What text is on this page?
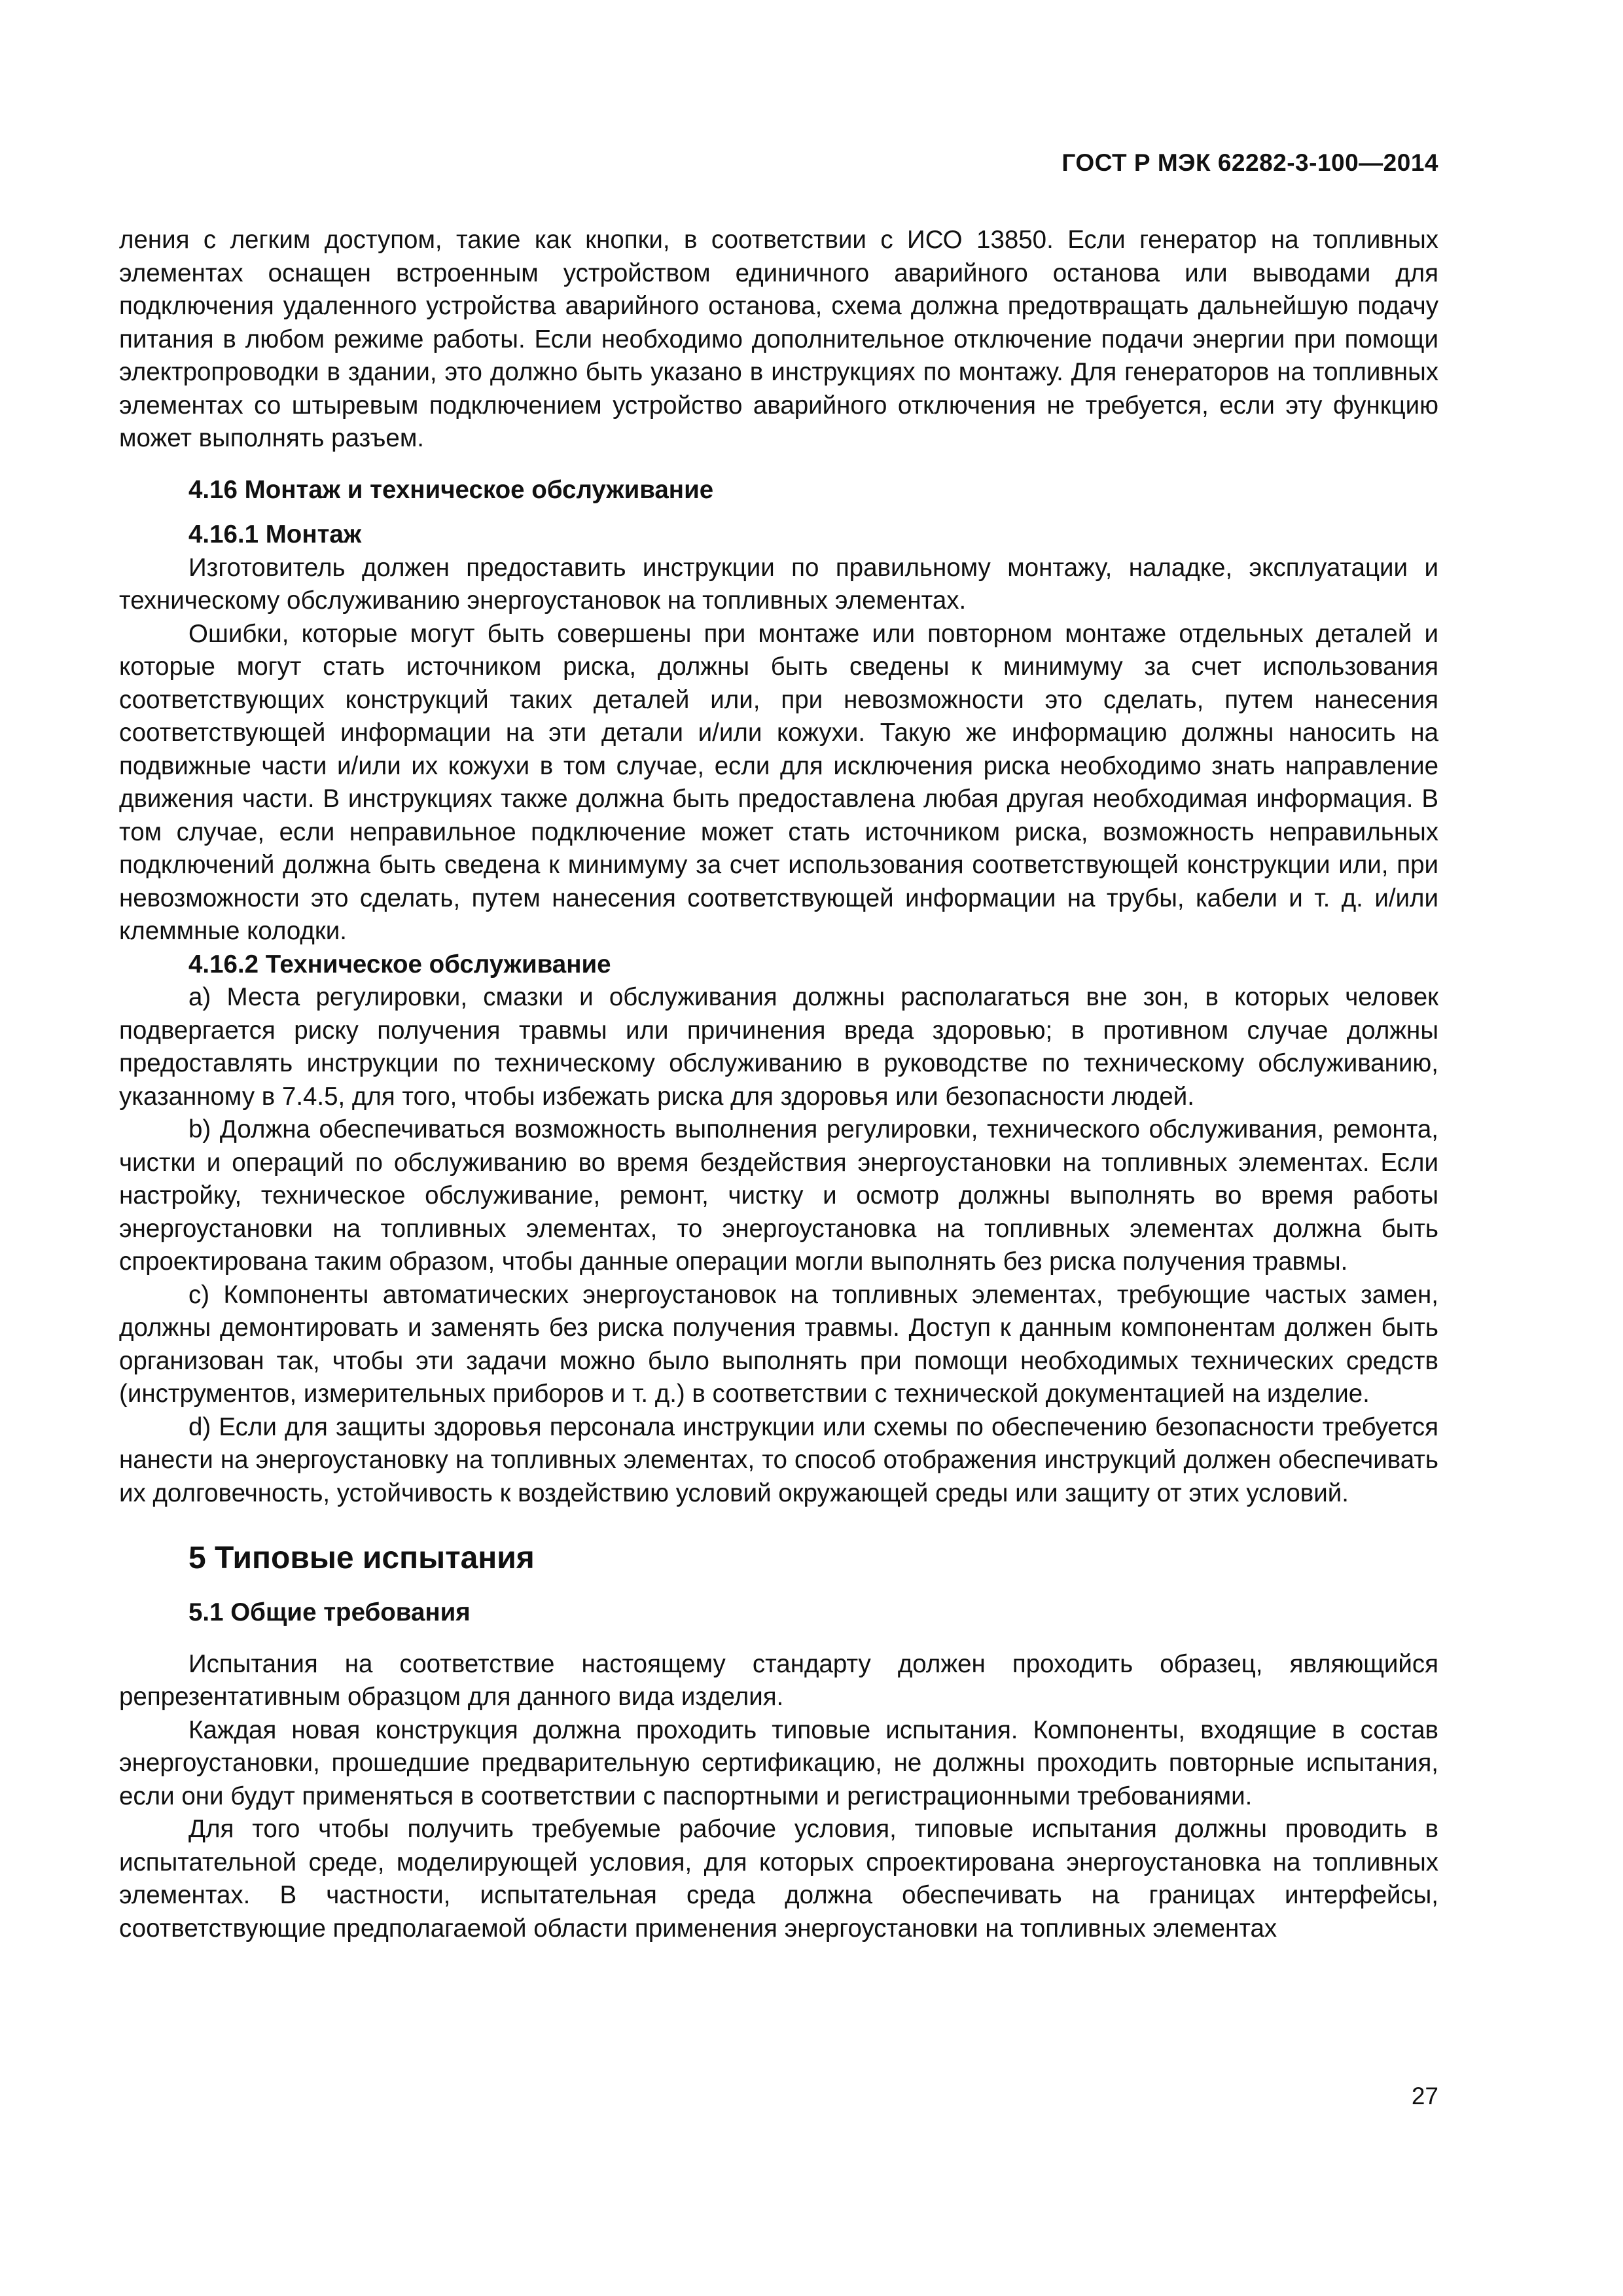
ГОСТ Р МЭК 62282-3-100—2014

ления с легким доступом, такие как кнопки, в соответствии с ИСО 13850. Если генератор на топливных элементах оснащен встроенным устройством единичного аварийного останова или выводами для подключения удаленного устройства аварийного останова, схема должна предотвращать дальнейшую подачу питания в любом режиме работы. Если необходимо дополнительное отключение подачи энергии при помощи электропроводки в здании, это должно быть указано в инструкциях по монтажу. Для генераторов на топливных элементах со штыревым подключением устройство аварийного отключения не требуется, если эту функцию может выполнять разъем.

4.16 Монтаж и техническое обслуживание
4.16.1 Монтаж

Изготовитель должен предоставить инструкции по правильному монтажу, наладке, эксплуатации и техническому обслуживанию энергоустановок на топливных элементах.

Ошибки, которые могут быть совершены при монтаже или повторном монтаже отдельных деталей и которые могут стать источником риска, должны быть сведены к минимуму за счет использования соответствующих конструкций таких деталей или, при невозможности это сделать, путем нанесения соответствующей информации на эти детали и/или кожухи. Такую же информацию должны наносить на подвижные части и/или их кожухи в том случае, если для исключения риска необходимо знать направление движения части. В инструкциях также должна быть предоставлена любая другая необходимая информация. В том случае, если неправильное подключение может стать источником риска, возможность неправильных подключений должна быть сведена к минимуму за счет использования соответствующей конструкции или, при невозможности это сделать, путем нанесения соответствующей информации на трубы, кабели и т. д. и/или клеммные колодки.

4.16.2 Техническое обслуживание

а) Места регулировки, смазки и обслуживания должны располагаться вне зон, в которых человек подвергается риску получения травмы или причинения вреда здоровью; в противном случае должны предоставлять инструкции по техническому обслуживанию в руководстве по техническому обслуживанию, указанному в 7.4.5, для того, чтобы избежать риска для здоровья или безопасности людей.

b) Должна обеспечиваться возможность выполнения регулировки, технического обслуживания, ремонта, чистки и операций по обслуживанию во время бездействия энергоустановки на топливных элементах. Если настройку, техническое обслуживание, ремонт, чистку и осмотр должны выполнять во время работы энергоустановки на топливных элементах, то энергоустановка на топливных элементах должна быть спроектирована таким образом, чтобы данные операции могли выполнять без риска получения травмы.

c) Компоненты автоматических энергоустановок на топливных элементах, требующие частых замен, должны демонтировать и заменять без риска получения травмы. Доступ к данным компонентам должен быть организован так, чтобы эти задачи можно было выполнять при помощи необходимых технических средств (инструментов, измерительных приборов и т. д.) в соответствии с технической документацией на изделие.

d) Если для защиты здоровья персонала инструкции или схемы по обеспечению безопасности требуется нанести на энергоустановку на топливных элементах, то способ отображения инструкций должен обеспечивать их долговечность, устойчивость к воздействию условий окружающей среды или защиту от этих условий.

5 Типовые испытания
5.1 Общие требования

Испытания на соответствие настоящему стандарту должен проходить образец, являющийся репрезентативным образцом для данного вида изделия.

Каждая новая конструкция должна проходить типовые испытания. Компоненты, входящие в состав энергоустановки, прошедшие предварительную сертификацию, не должны проходить повторные испытания, если они будут применяться в соответствии с паспортными и регистрационными требованиями.

Для того чтобы получить требуемые рабочие условия, типовые испытания должны проводить в испытательной среде, моделирующей условия, для которых спроектирована энергоустановка на топливных элементах. В частности, испытательная среда должна обеспечивать на границах интерфейсы, соответствующие предполагаемой области применения энергоустановки на топливных элементах

27
